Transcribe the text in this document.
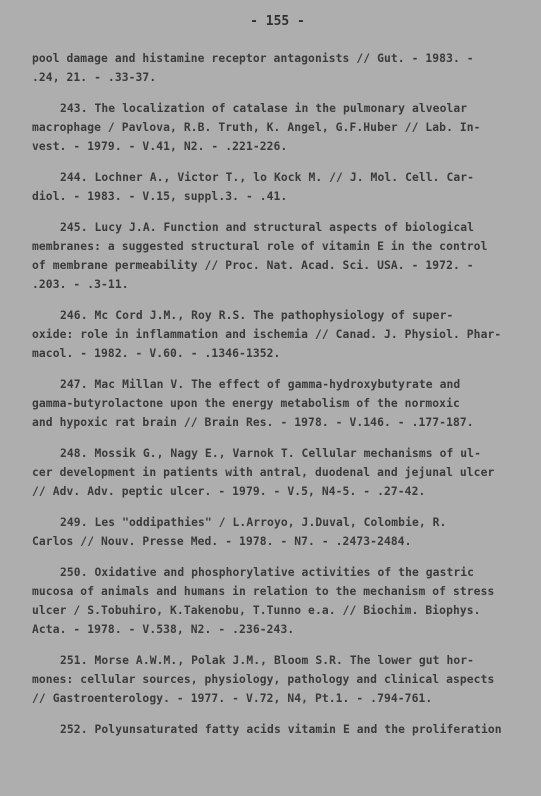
- 155 -
pool damage and histamine receptor antagonists // Gut. - 1983. -
.24, 21. - .33-37.
243. The localization of catalase in the pulmonary alveolar
macrophage / Pavlova, R.B. Truth, K. Angel, G.F.Huber // Lab. In-
vest. - 1979. - V.41, N2. - .221-226.
244. Lochner A., Victor T., lo Kock M. // J. Mol. Cell. Car-
diol. - 1983. - V.15, suppl.3. - .41.
245. Lucy J.A. Function and structural aspects of biological
membranes: a suggested structural role of vitamin E in the control
of membrane permeability // Proc. Nat. Acad. Sci. USA. - 1972. -
.203. - .3-11.
246. Mc Cord J.M., Roy R.S. The pathophysiology of super-
oxide: role in inflammation and ischemia // Canad. J. Physiol. Phar-
macol. - 1982. - V.60. - .1346-1352.
247. Mac Millan V. The effect of gamma-hydroxybutyrate and
gamma-butyrolactone upon the energy metabolism of the normoxic
and hypoxic rat brain // Brain Res. - 1978. - V.146. - .177-187.
248. Mossik G., Nagy E., Varnok T. Cellular mechanisms of ul-
cer development in patients with antral, duodenal and jejunal ulcer
// Adv. Adv. peptic ulcer. - 1979. - V.5, N4-5. - .27-42.
249. Les "oddipathies" / L.Arroyo, J.Duval, Colombie, R.
Carlos // Nouv. Presse Med. - 1978. - N7. - .2473-2484.
250. Oxidative and phosphorylative activities of the gastric
mucosa of animals and humans in relation to the mechanism of stress
ulcer / S.Tobuhiro, K.Takenobu, T.Tunno e.a. // Biochim. Biophys.
Acta. - 1978. - V.538, N2. - .236-243.
251. Morse A.W.M., Polak J.M., Bloom S.R. The lower gut hor-
mones: cellular sources, physiology, pathology and clinical aspects
// Gastroenterology. - 1977. - V.72, N4, Pt.1. - .794-761.
252. Polyunsaturated fatty acids vitamin E and the proliferation
